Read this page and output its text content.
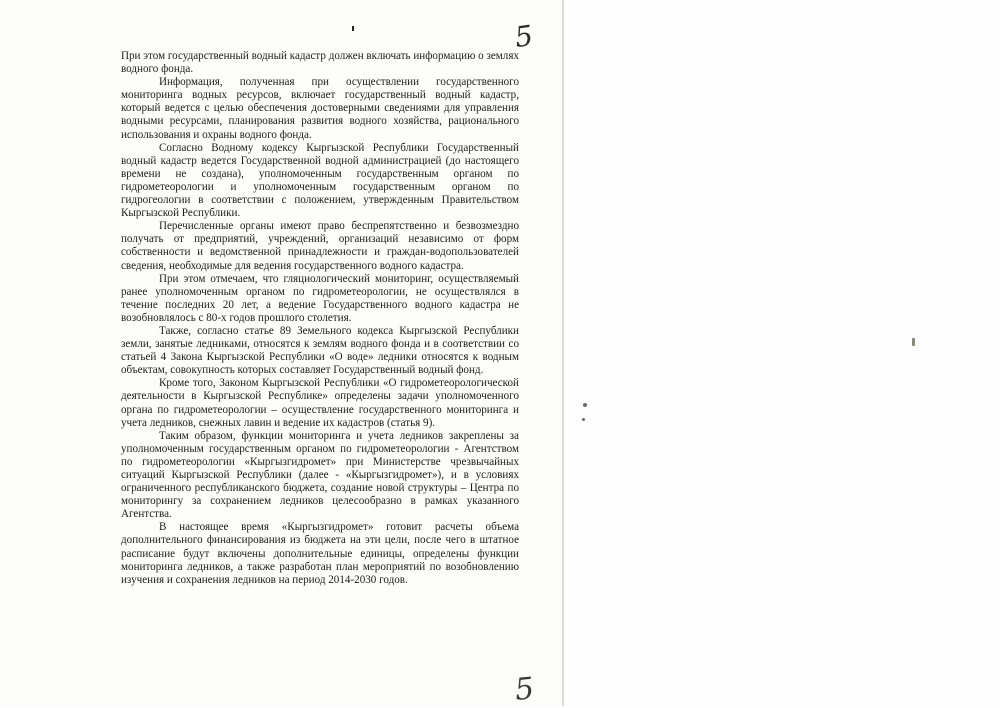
5
5

При этом государственный водный кадастр должен включать информацию о землях водного фонда.

Информация, полученная при осуществлении государственного мониторинга водных ресурсов, включает государственный водный кадастр, который ведется с целью обеспечения достоверными сведениями для управления водными ресурсами, планирования развития водного хозяйства, рационального использования и охраны водного фонда.

Согласно Водному кодексу Кыргызской Республики Государственный водный кадастр ведется Государственной водной администрацией (до настоящего времени не создана), уполномоченным государственным органом по гидрометеорологии и уполномоченным государственным органом по гидрогеологии в соответствии с положением, утвержденным Правительством Кыргызской Республики.

Перечисленные органы имеют право беспрепятственно и безвозмездно получать от предприятий, учреждений, организаций независимо от форм собственности и ведомственной принадлежности и граждан-водопользователей сведения, необходимые для ведения государственного водного кадастра.

При этом отмечаем, что гляциологический мониторинг, осуществляемый ранее уполномоченным органом по гидрометеорологии, не осуществлялся в течение последних 20 лет, а ведение Государственного водного кадастра не возобновлялось с 80-х годов прошлого столетия.

Также, согласно статье 89 Земельного кодекса Кыргызской Республики земли, занятые ледниками, относятся к землям водного фонда и в соответствии со статьей 4 Закона Кыргызской Республики «О воде» ледники относятся к водным объектам, совокупность которых составляет Государственный водный фонд.

Кроме того, Законом Кыргызской Республики «О гидрометеорологической деятельности в Кыргызской Республике» определены задачи уполномоченного органа по гидрометеорологии – осуществление государственного мониторинга и учета ледников, снежных лавин и ведение их кадастров (статья 9).

Таким образом, функции мониторинга и учета ледников закреплены за уполномоченным государственным органом по гидрометеорологии - Агентством по гидрометеорологии «Кыргызгидромет» при Министерстве чрезвычайных ситуаций Кыргызской Республики (далее - «Кыргызгидромет»), и в условиях ограниченного республиканского бюджета, создание новой структуры – Центра по мониторингу за сохранением ледников целесообразно в рамках указанного Агентства.

В настоящее время «Кыргызгидромет» готовит расчеты объема дополнительного финансирования из бюджета на эти цели, после чего в штатное расписание будут включены дополнительные единицы, определены функции мониторинга ледников, а также разработан план мероприятий по возобновлению изучения и сохранения ледников на период 2014-2030 годов.
